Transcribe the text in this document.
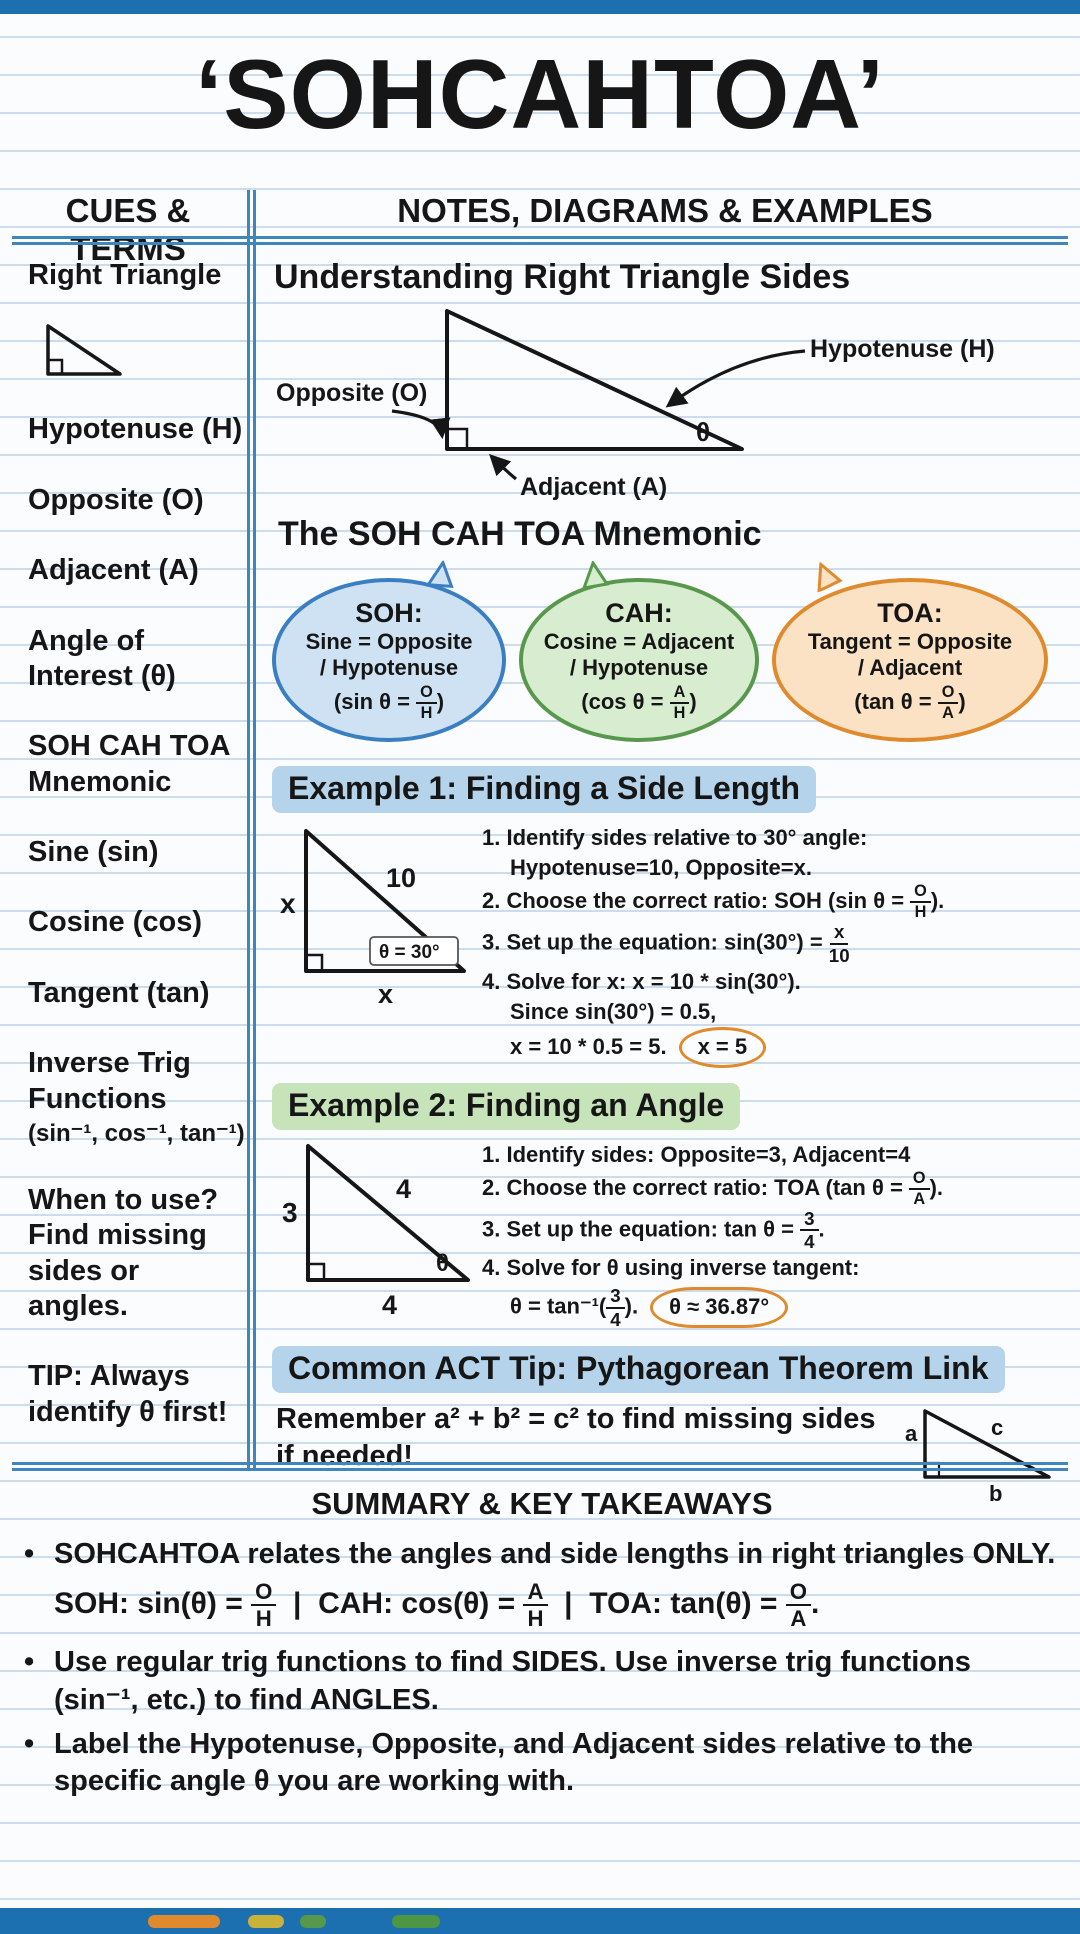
‘SOHCAHTOA’
CUES & TERMS
NOTES, DIAGRAMS & EXAMPLES
Right Triangle
Hypotenuse (H)
Opposite (O)
Adjacent (A)
Angle of Interest (θ)
SOH CAH TOA Mnemonic
Sine (sin)
Cosine (cos)
Tangent (tan)
Inverse Trig Functions
(sin⁻¹, cos⁻¹, tan⁻¹)
When to use? Find missing sides or angles.
TIP: Always identify θ first!
Understanding Right Triangle Sides
θ
Opposite (O)
Hypotenuse (H)
Adjacent (A)
The SOH CAH TOA Mnemonic
SOH:
Sine = Opposite
/ Hypotenuse
(sin $\theta = \frac{O}{H}$ )
CAH:
Cosine = Adjacent
/ Hypotenuse
(cos $\theta = \frac{A}{H}$ )
TOA:
Tangent = Opposite
/ Adjacent
(tan $\theta = \frac{O}{A}$ )
Example 1: Finding a Side Length
x
10
θ = 30°
x
1. Identify sides relative to 30° angle:
Hypotenuse=10, Opposite=x.
2. Choose the correct ratio: SOH (sin $\theta = \frac{O}{H}$ ).
3. Set up the equation: $\sin(30^\circ) = \frac{x}{10}$
4. Solve for x: x = 10 * sin(30°).
Since sin(30°) = 0.5,
x = 10 * 0.5 = 5. x = 5
Example 2: Finding an Angle
3
4
θ
4
1. Identify sides: Opposite=3, Adjacent=4
2. Choose the correct ratio: TOA (tan $\theta = \frac{O}{A}$ ).
3. Set up the equation: $\tan \theta = \frac{3}{4}$ .
4. Solve for θ using inverse tangent:
$\theta = \tan^{-1}( \frac{3}{4}$ ). θ ≈ 36.87°
Common ACT Tip: Pythagorean Theorem Link
Remember a² + b² = c² to find missing sides if needed!
a	c
b
SUMMARY & KEY TAKEAWAYS
• SOHCAHTOA relates the angles and side lengths in right triangles ONLY.
SOH: $\sin(\theta) = \frac{O}{H}$ |  CAH: $\cos(\theta) = \frac{A}{H}$ |  TOA: $\tan(\theta) = \frac{O}{A}$ .
• Use regular trig functions to find SIDES. Use inverse trig functions (sin⁻¹, etc.) to find ANGLES.
• Label the Hypotenuse, Opposite, and Adjacent sides relative to the specific angle θ you are working with.
